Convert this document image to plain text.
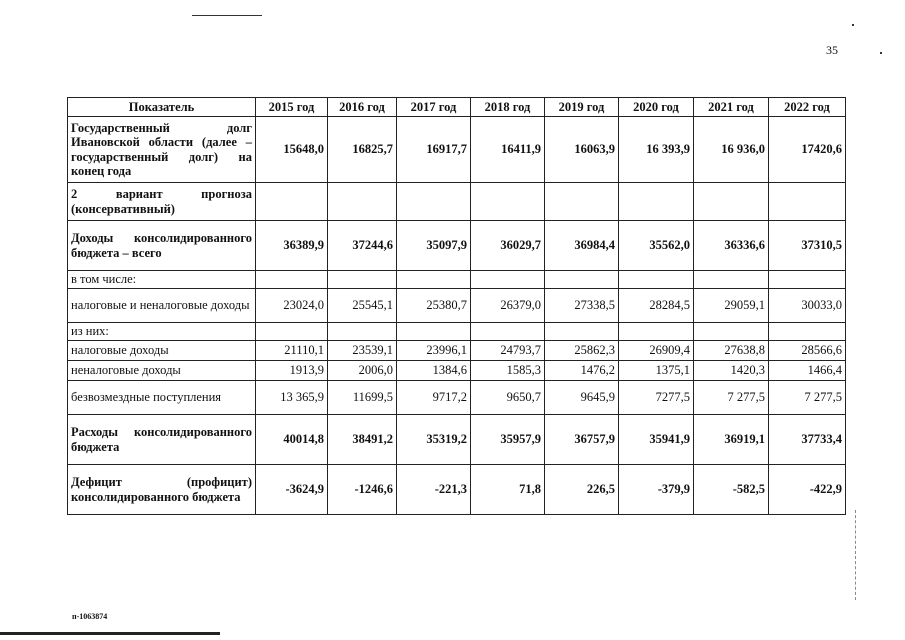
35
Показатель	2015 год	2016 год	2017 год	2018 год	2019 год	2020 год	2021 год	2022 год
Государственный долг Ивановской области (далее – государственный долг) на конец года	15648,0	16825,7	16917,7	16411,9	16063,9	16 393,9	16 936,0	17420,6
2 вариант прогноза (консервативный)								
Доходы консолидированного бюджета – всего	36389,9	37244,6	35097,9	36029,7	36984,4	35562,0	36336,6	37310,5
в том числе:								
налоговые и неналоговые доходы	23024,0	25545,1	25380,7	26379,0	27338,5	28284,5	29059,1	30033,0
из них:								
налоговые доходы	21110,1	23539,1	23996,1	24793,7	25862,3	26909,4	27638,8	28566,6
неналоговые доходы	1913,9	2006,0	1384,6	1585,3	1476,2	1375,1	1420,3	1466,4
безвозмездные поступления	13 365,9	11699,5	9717,2	9650,7	9645,9	7277,5	7 277,5	7 277,5
Расходы консолидированного бюджета	40014,8	38491,2	35319,2	35957,9	36757,9	35941,9	36919,1	37733,4
Дефицит (профицит) консолидированного бюджета	-3624,9	-1246,6	-221,3	71,8	226,5	-379,9	-582,5	-422,9
п-1063874
